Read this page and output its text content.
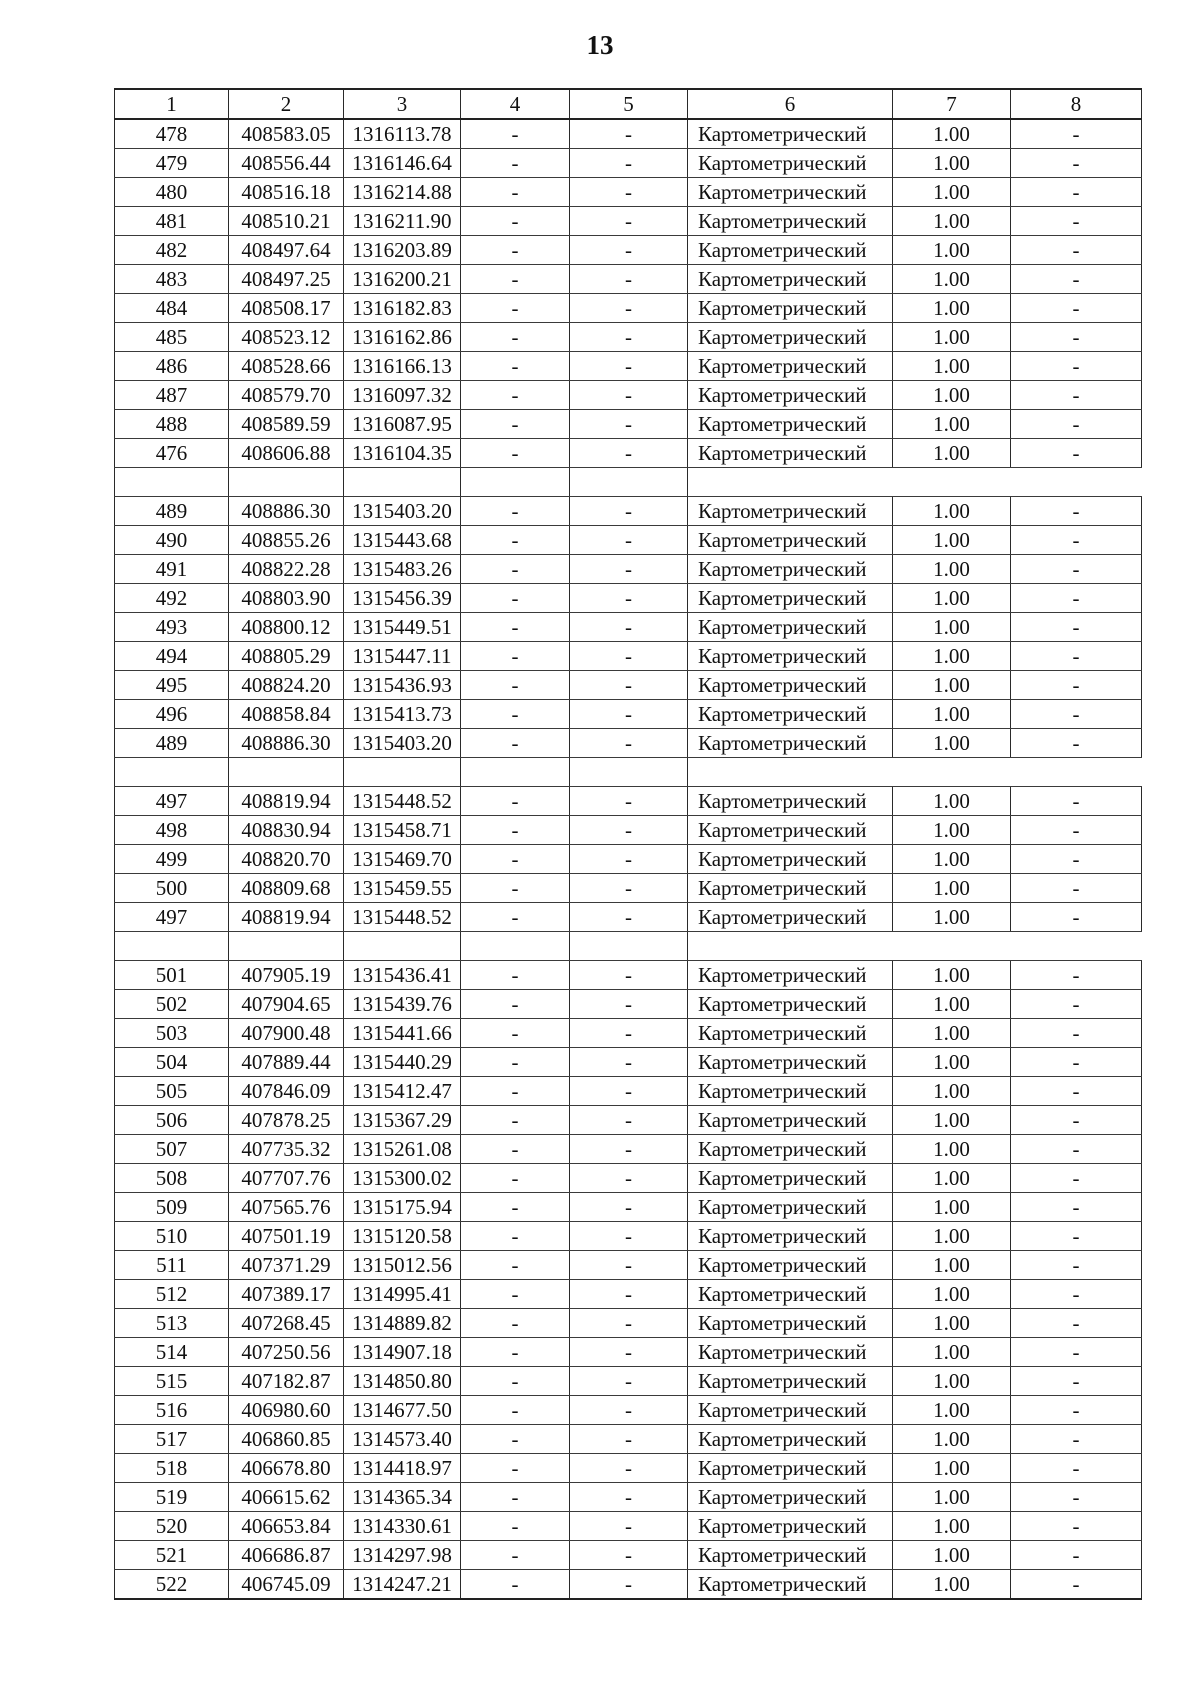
13
1	2	3	4	5	6	7	8
478	408583.05	1316113.78	-	-	Картометрический	1.00	-
479	408556.44	1316146.64	-	-	Картометрический	1.00	-
480	408516.18	1316214.88	-	-	Картометрический	1.00	-
481	408510.21	1316211.90	-	-	Картометрический	1.00	-
482	408497.64	1316203.89	-	-	Картометрический	1.00	-
483	408497.25	1316200.21	-	-	Картометрический	1.00	-
484	408508.17	1316182.83	-	-	Картометрический	1.00	-
485	408523.12	1316162.86	-	-	Картометрический	1.00	-
486	408528.66	1316166.13	-	-	Картометрический	1.00	-
487	408579.70	1316097.32	-	-	Картометрический	1.00	-
488	408589.59	1316087.95	-	-	Картометрический	1.00	-
476	408606.88	1316104.35	-	-	Картометрический	1.00	-

489	408886.30	1315403.20	-	-	Картометрический	1.00	-
490	408855.26	1315443.68	-	-	Картометрический	1.00	-
491	408822.28	1315483.26	-	-	Картометрический	1.00	-
492	408803.90	1315456.39	-	-	Картометрический	1.00	-
493	408800.12	1315449.51	-	-	Картометрический	1.00	-
494	408805.29	1315447.11	-	-	Картометрический	1.00	-
495	408824.20	1315436.93	-	-	Картометрический	1.00	-
496	408858.84	1315413.73	-	-	Картометрический	1.00	-
489	408886.30	1315403.20	-	-	Картометрический	1.00	-

497	408819.94	1315448.52	-	-	Картометрический	1.00	-
498	408830.94	1315458.71	-	-	Картометрический	1.00	-
499	408820.70	1315469.70	-	-	Картометрический	1.00	-
500	408809.68	1315459.55	-	-	Картометрический	1.00	-
497	408819.94	1315448.52	-	-	Картометрический	1.00	-

501	407905.19	1315436.41	-	-	Картометрический	1.00	-
502	407904.65	1315439.76	-	-	Картометрический	1.00	-
503	407900.48	1315441.66	-	-	Картометрический	1.00	-
504	407889.44	1315440.29	-	-	Картометрический	1.00	-
505	407846.09	1315412.47	-	-	Картометрический	1.00	-
506	407878.25	1315367.29	-	-	Картометрический	1.00	-
507	407735.32	1315261.08	-	-	Картометрический	1.00	-
508	407707.76	1315300.02	-	-	Картометрический	1.00	-
509	407565.76	1315175.94	-	-	Картометрический	1.00	-
510	407501.19	1315120.58	-	-	Картометрический	1.00	-
511	407371.29	1315012.56	-	-	Картометрический	1.00	-
512	407389.17	1314995.41	-	-	Картометрический	1.00	-
513	407268.45	1314889.82	-	-	Картометрический	1.00	-
514	407250.56	1314907.18	-	-	Картометрический	1.00	-
515	407182.87	1314850.80	-	-	Картометрический	1.00	-
516	406980.60	1314677.50	-	-	Картометрический	1.00	-
517	406860.85	1314573.40	-	-	Картометрический	1.00	-
518	406678.80	1314418.97	-	-	Картометрический	1.00	-
519	406615.62	1314365.34	-	-	Картометрический	1.00	-
520	406653.84	1314330.61	-	-	Картометрический	1.00	-
521	406686.87	1314297.98	-	-	Картометрический	1.00	-
522	406745.09	1314247.21	-	-	Картометрический	1.00	-
